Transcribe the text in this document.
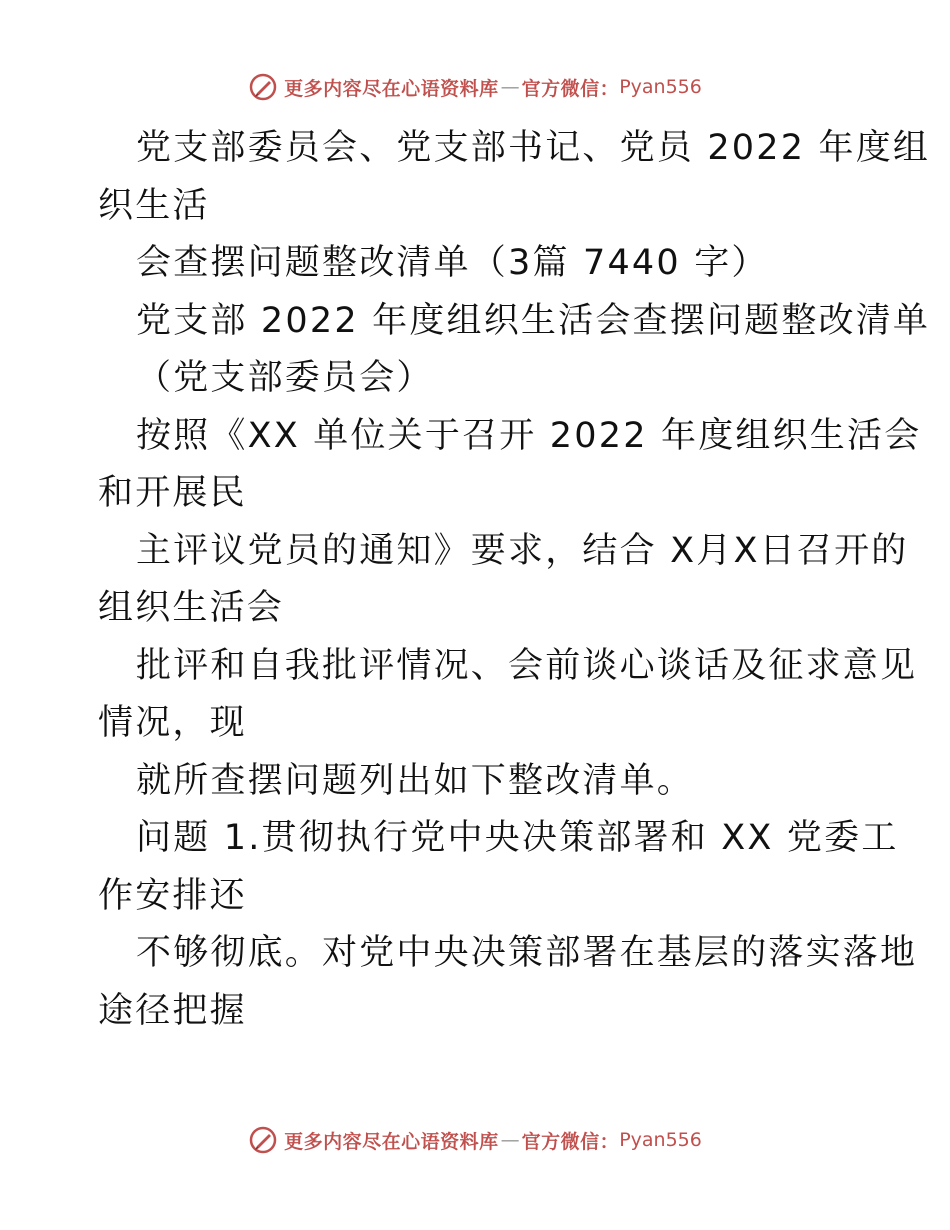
更多内容尽在心语资料库 — 官方微信： Pyan556
党支部委员会、党支部书记、党员 2022 年度组
织生活
会查摆问题整改清单（3篇 7440 字）
党支部 2022 年度组织生活会查摆问题整改清单
（党支部委员会）
按照《XX 单位关于召开 2022 年度组织生活会
和开展民
主评议党员的通知》要求，结合 X月X日召开的
组织生活会
批评和自我批评情况、会前谈心谈话及征求意见
情况，现
就所查摆问题列出如下整改清单。
问题 1.贯彻执行党中央决策部署和 XX 党委工
作安排还
不够彻底。对党中央决策部署在基层的落实落地
途径把握
更多内容尽在心语资料库 — 官方微信： Pyan556
